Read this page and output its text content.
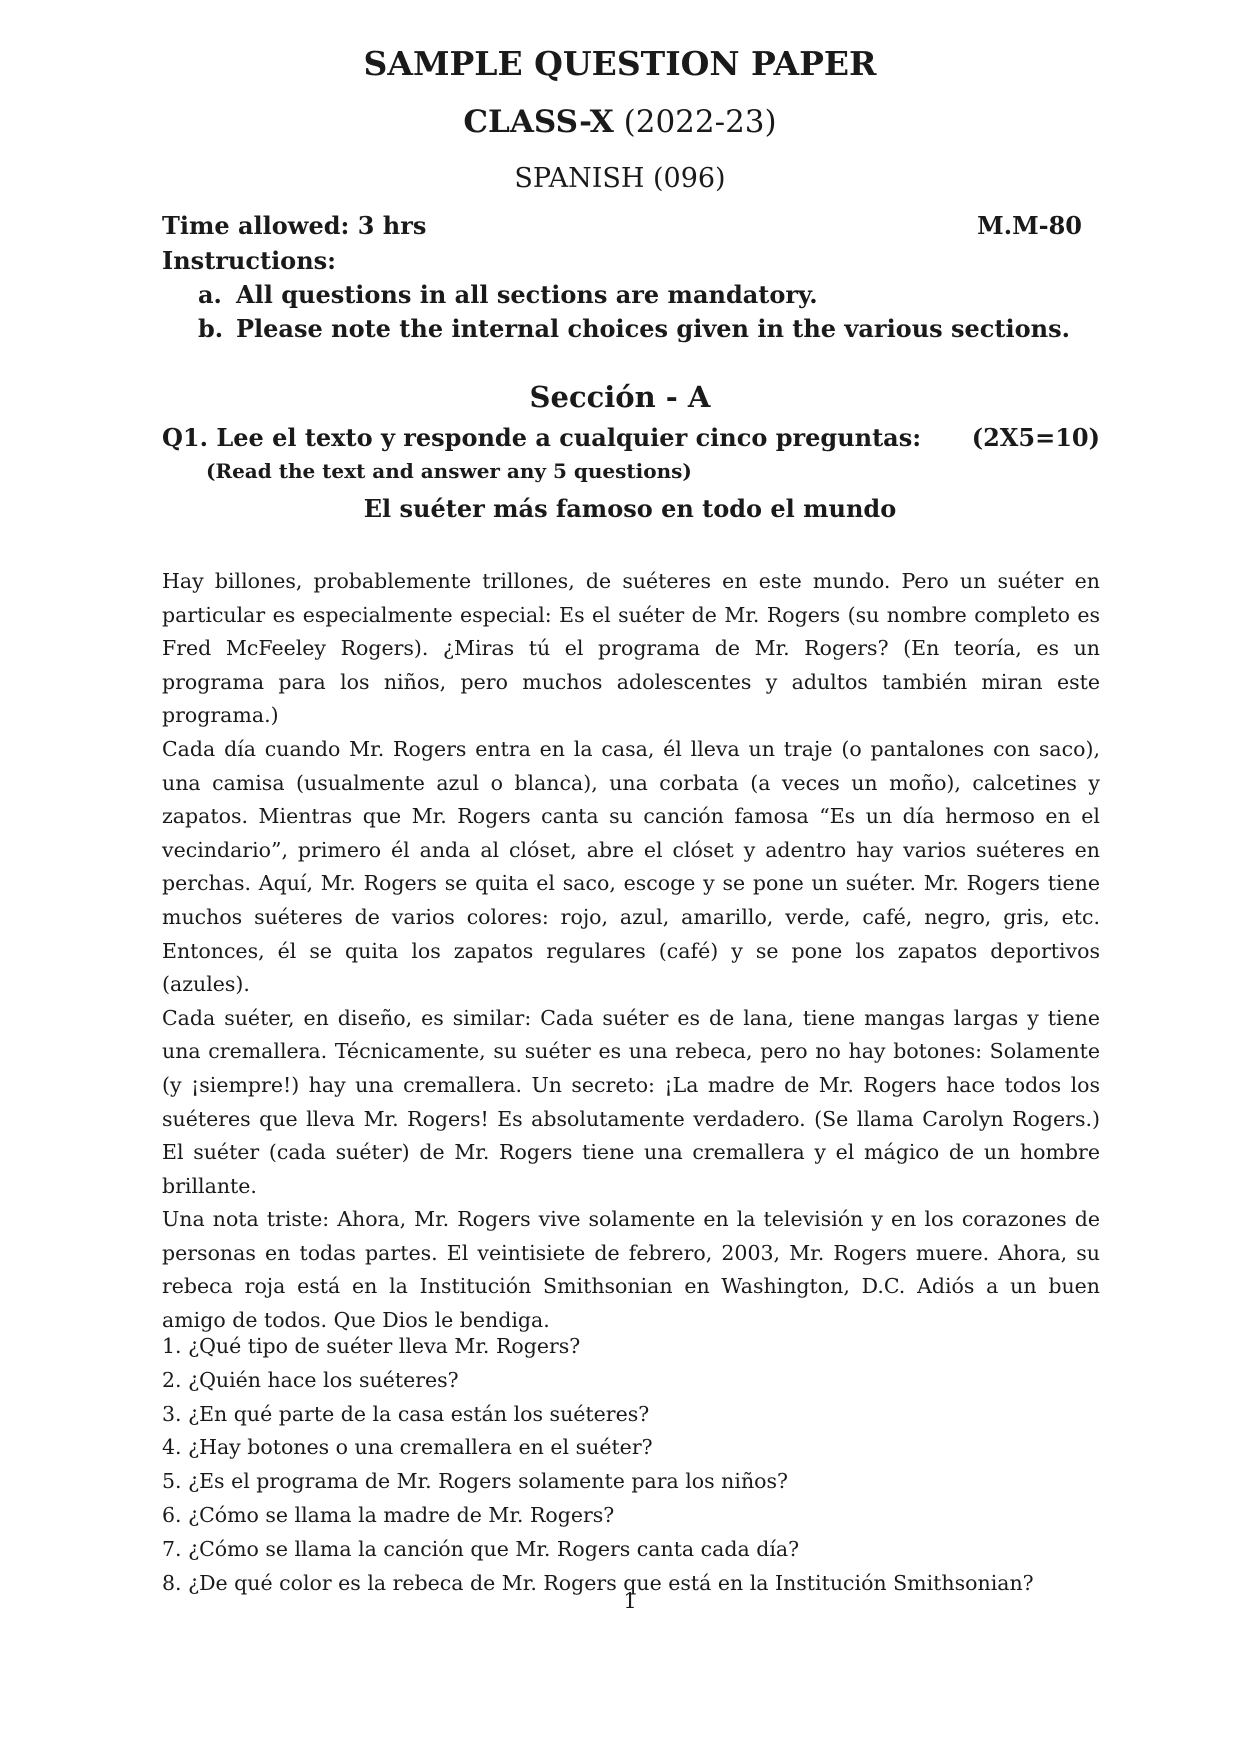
SAMPLE QUESTION PAPER
CLASS-X (2022-23)
SPANISH (096)
Time allowed: 3 hrs	M.M-80
Instructions:
a. All questions in all sections are mandatory.
b. Please note the internal choices given in the various sections.
Sección - A
Q1. Lee el texto y responde a cualquier cinco preguntas: (2X5=10)
(Read the text and answer any 5 questions)
El suéter más famoso en todo el mundo

Hay billones, probablemente trillones, de suéteres en este mundo. Pero un suéter en particular es especialmente especial: Es el suéter de Mr. Rogers (su nombre completo es Fred McFeeley Rogers). ¿Miras tú el programa de Mr. Rogers? (En teoría, es un programa para los niños, pero muchos adolescentes y adultos también miran este programa.)

Cada día cuando Mr. Rogers entra en la casa, él lleva un traje (o pantalones con saco), una camisa (usualmente azul o blanca), una corbata (a veces un moño), calcetines y zapatos. Mientras que Mr. Rogers canta su canción famosa “Es un día hermoso en el vecindario”, primero él anda al clóset, abre el clóset y adentro hay varios suéteres en perchas. Aquí, Mr. Rogers se quita el saco, escoge y se pone un suéter. Mr. Rogers tiene muchos suéteres de varios colores: rojo, azul, amarillo, verde, café, negro, gris, etc. Entonces, él se quita los zapatos regulares (café) y se pone los zapatos deportivos (azules).

Cada suéter, en diseño, es similar: Cada suéter es de lana, tiene mangas largas y tiene una cremallera. Técnicamente, su suéter es una rebeca, pero no hay botones: Solamente (y ¡siempre!) hay una cremallera. Un secreto: ¡La madre de Mr. Rogers hace todos los suéteres que lleva Mr. Rogers! Es absolutamente verdadero. (Se llama Carolyn Rogers.) El suéter (cada suéter) de Mr. Rogers tiene una cremallera y el mágico de un hombre brillante.

Una nota triste: Ahora, Mr. Rogers vive solamente en la televisión y en los corazones de personas en todas partes. El veintisiete de febrero, 2003, Mr. Rogers muere. Ahora, su rebeca roja está en la Institución Smithsonian en Washington, D.C. Adiós a un buen amigo de todos. Que Dios le bendiga.

1. ¿Qué tipo de suéter lleva Mr. Rogers?
2. ¿Quién hace los suéteres?
3. ¿En qué parte de la casa están los suéteres?
4. ¿Hay botones o una cremallera en el suéter?
5. ¿Es el programa de Mr. Rogers solamente para los niños?
6. ¿Cómo se llama la madre de Mr. Rogers?
7. ¿Cómo se llama la canción que Mr. Rogers canta cada día?
8. ¿De qué color es la rebeca de Mr. Rogers que está en la Institución Smithsonian?
1
